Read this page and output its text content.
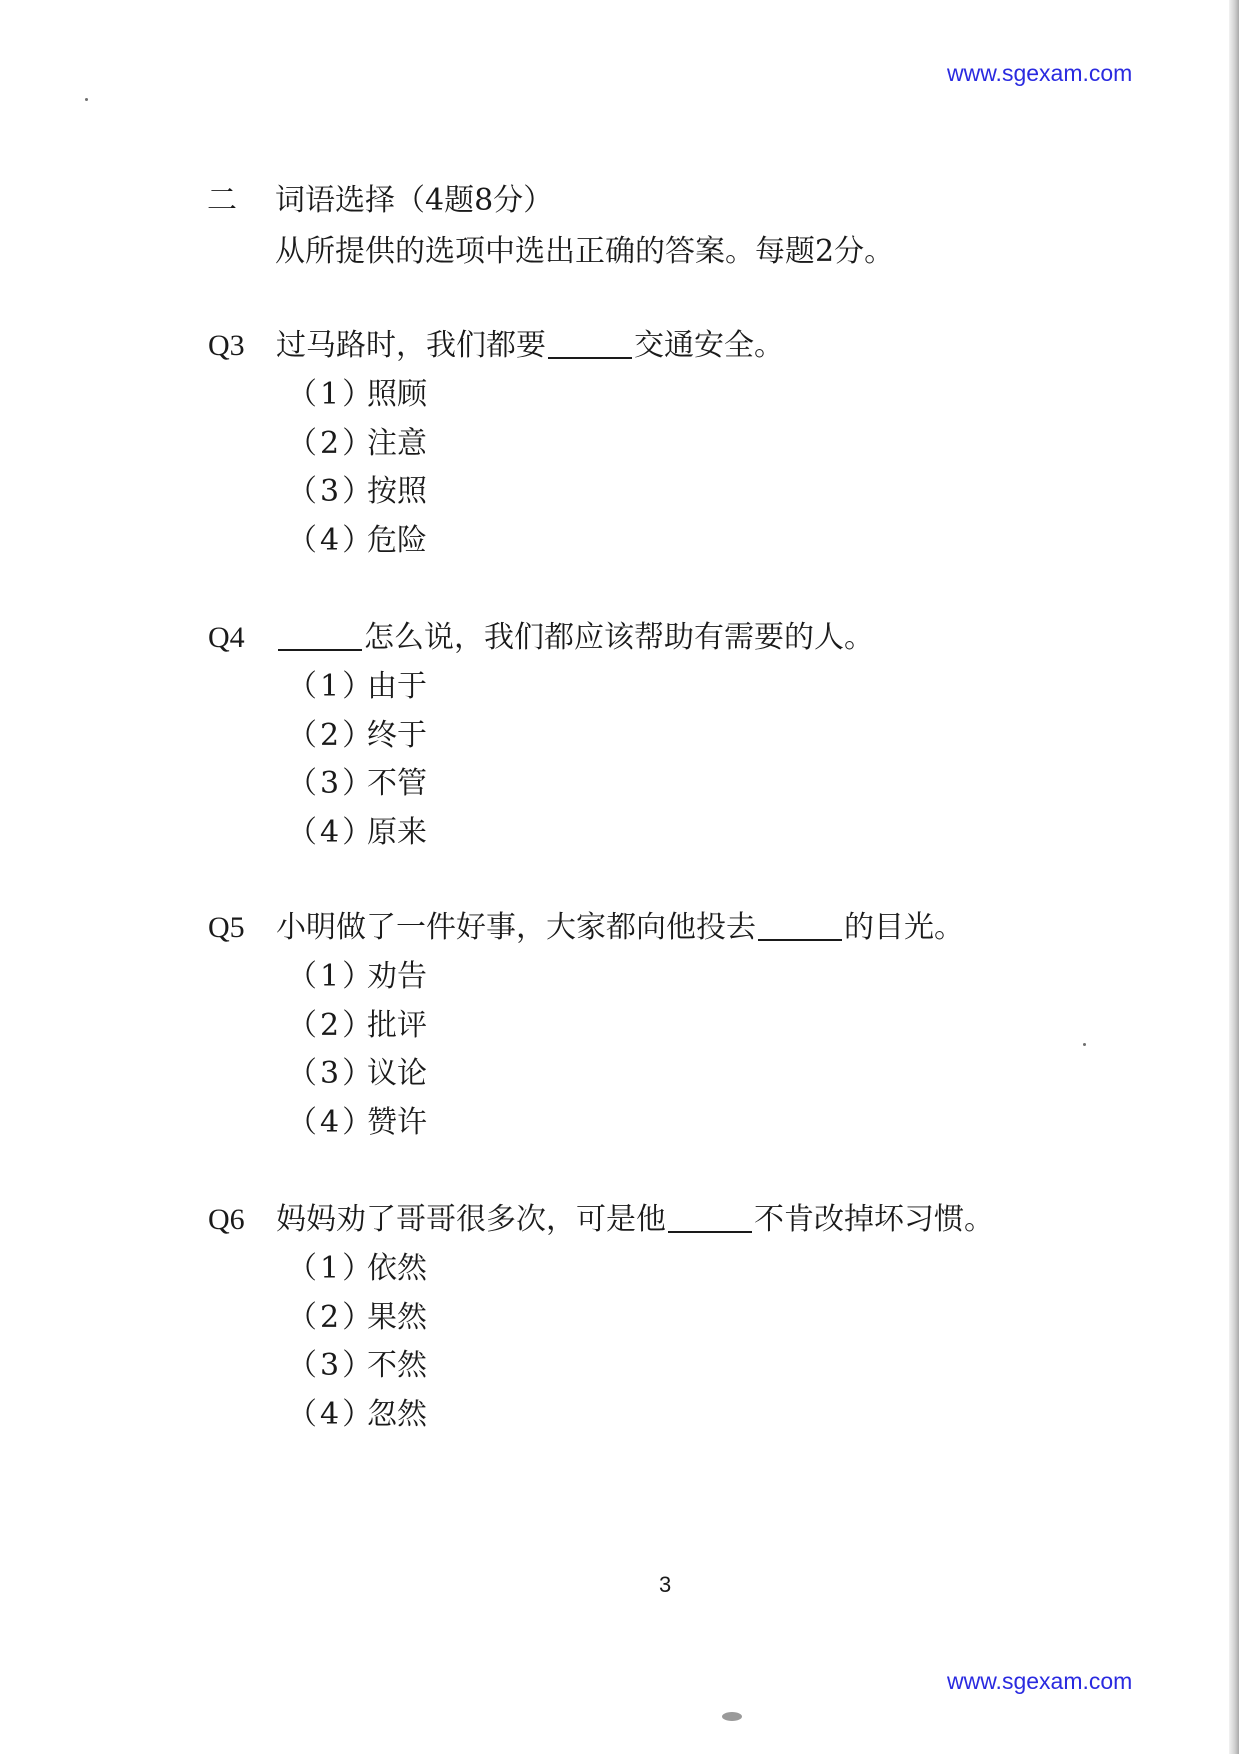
www.sgexam.com
二 词语选择（4题8分）
从所提供的选项中选出正确的答案。每题2分。
Q3 过马路时，我们都要	交通安全。
（1）照顾
（2）注意
（3）按照
（4）危险
Q4	怎么说，我们都应该帮助有需要的人。
（1）由于
（2）终于
（3）不管
（4）原来
Q5 小明做了一件好事，大家都向他投去	的目光。
（1）劝告
（2）批评
（3）议论
（4）赞许
Q6 妈妈劝了哥哥很多次，可是他	不肯改掉坏习惯。
（1）依然
（2）果然
（3）不然
（4）忽然
3
www.sgexam.com
